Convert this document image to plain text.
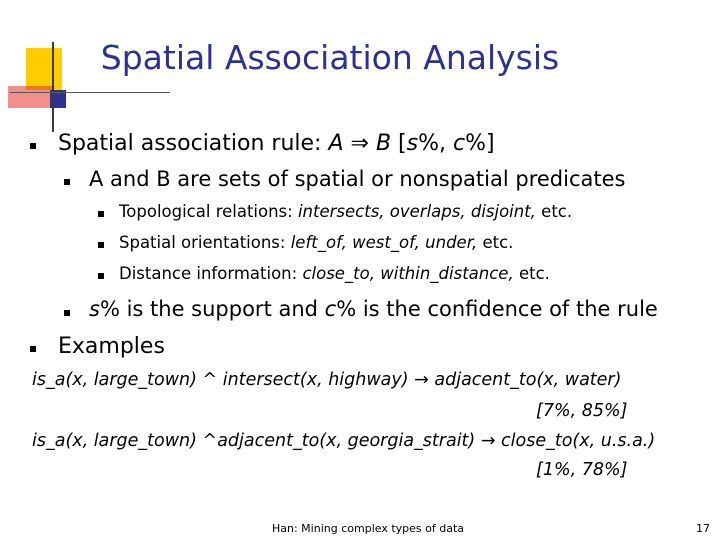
Spatial Association Analysis
Spatial association rule: A ⇒ B [s%, c%]
A and B are sets of spatial or nonspatial predicates
Topological relations: intersects, overlaps, disjoint, etc.
Spatial orientations: left_of, west_of, under, etc.
Distance information: close_to, within_distance, etc.
s% is the support and c% is the confidence of the rule
Examples
is_a(x, large_town) ^ intersect(x, highway) → adjacent_to(x, water)
[7%, 85%]
is_a(x, large_town) ^adjacent_to(x, georgia_strait) → close_to(x, u.s.a.)
[1%, 78%]
Han: Mining complex types of data	17
